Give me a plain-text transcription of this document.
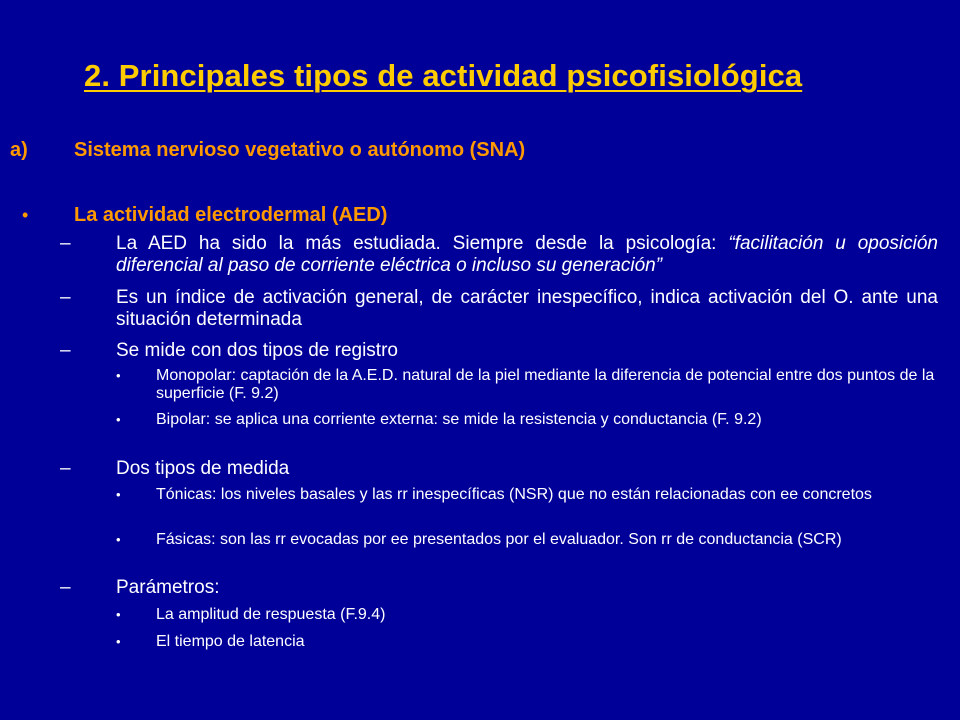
2. Principales tipos de actividad psicofisiológica
a) Sistema nervioso vegetativo o autónomo (SNA)
• La actividad electrodermal (AED)
– La AED ha sido la más estudiada. Siempre desde la psicología: “facilitación u oposición diferencial al paso de corriente eléctrica o incluso su generación”
– Es un índice de activación general, de carácter inespecífico, indica activación del O. ante una situación determinada
– Se mide con dos tipos de registro
• Monopolar: captación de la A.E.D. natural de la piel mediante la diferencia de potencial entre dos puntos de la superficie (F. 9.2)
• Bipolar: se aplica una corriente externa: se mide la resistencia y conductancia (F. 9.2)
– Dos tipos de medida
• Tónicas: los niveles basales y las rr inespecíficas (NSR) que no están relacionadas con ee concretos
• Fásicas: son las rr evocadas por ee presentados por el evaluador. Son rr de conductancia (SCR)
– Parámetros:
• La amplitud de respuesta (F.9.4)
• El tiempo de latencia
